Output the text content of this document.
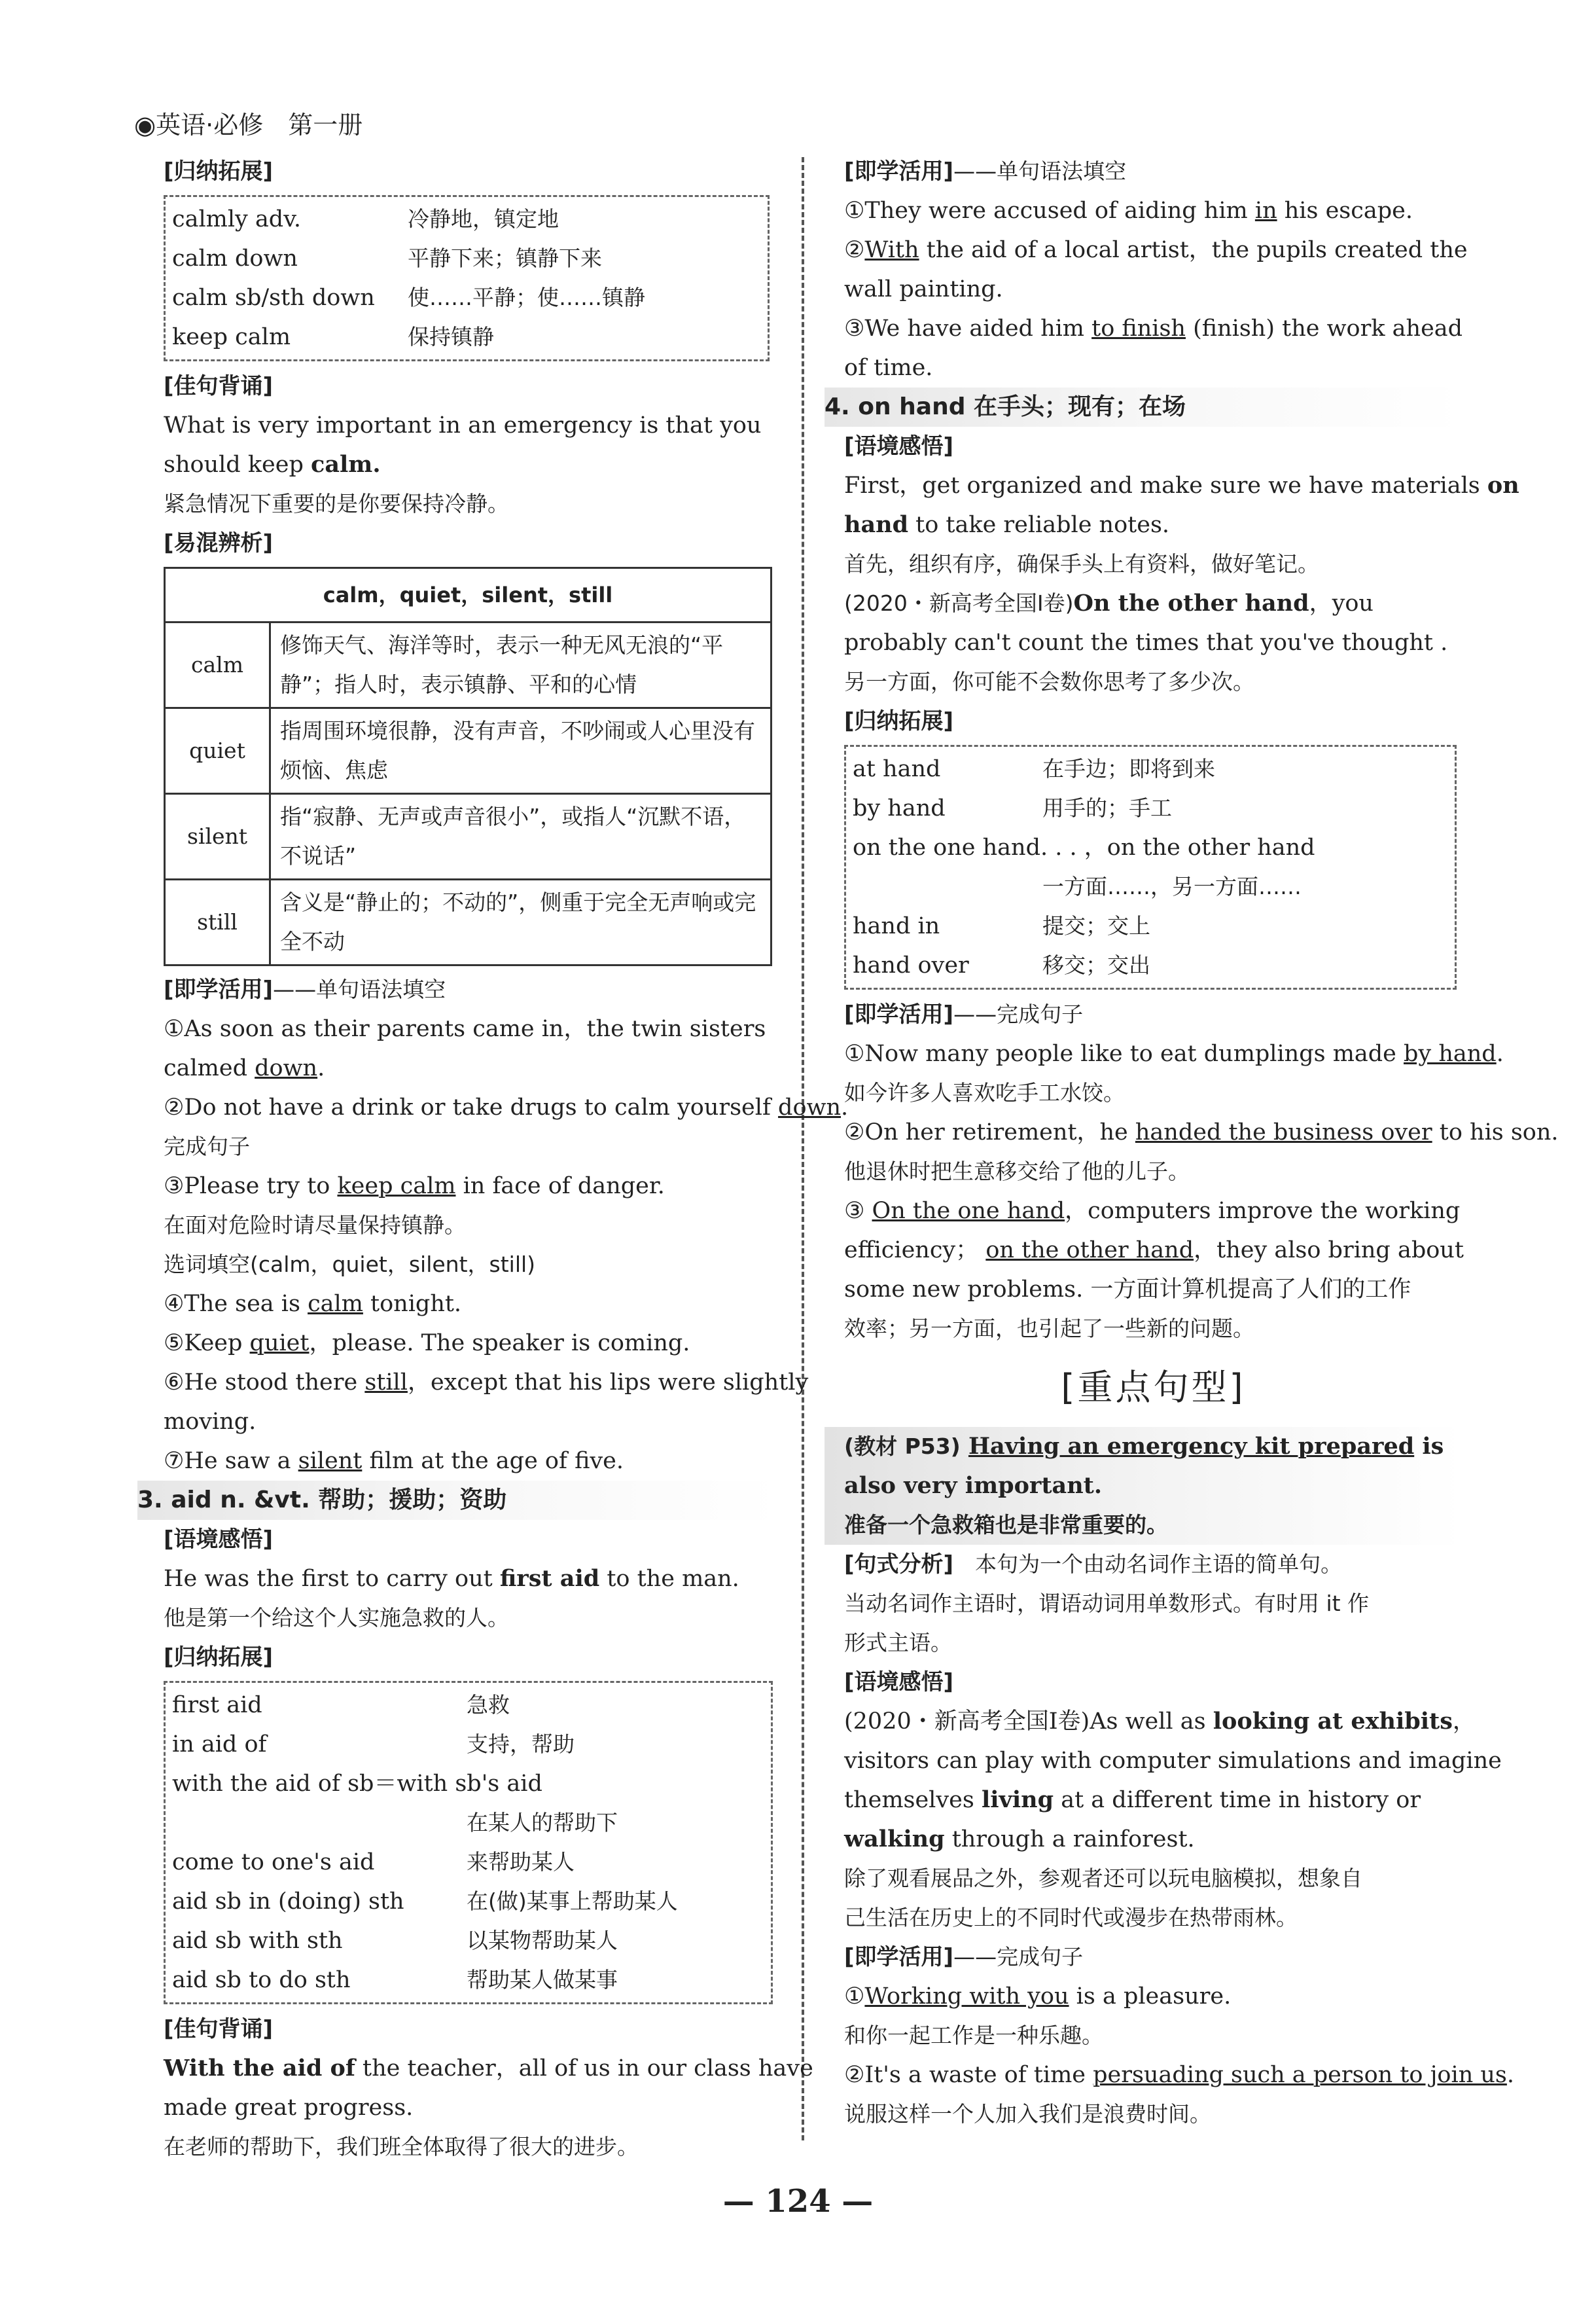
◉英语·必修　第一册
[归纳拓展]
calmly adv.	冷静地，镇定地
calm down	平静下来；镇静下来
calm sb/sth down	使……平静；使……镇静
keep calm	保持镇静
[佳句背诵]
What is very important in an emergency is that you
should keep calm.
紧急情况下重要的是你要保持冷静。
[易混辨析]
calm，quiet，silent，still	
calm	修饰天气、海洋等时，表示一种无风无浪的“平静”；指人时，表示镇静、平和的心情
quiet	指周围环境很静，没有声音，不吵闹或人心里没有烦恼、焦虑
silent	指“寂静、无声或声音很小”，或指人“沉默不语，不说话”
still	含义是“静止的；不动的”，侧重于完全无声响或完全不动
[即学活用]——单句语法填空
①As soon as their parents came in，the twin sisters
calmed down.
②Do not have a drink or take drugs to calm yourself down.
完成句子
③Please try to keep calm in face of danger.
在面对危险时请尽量保持镇静。
选词填空(calm，quiet，silent，still)
④The sea is calm tonight.
⑤Keep quiet，please. The speaker is coming.
⑥He stood there still，except that his lips were slightly
moving.
⑦He saw a silent film at the age of five.
3. aid n. &vt. 帮助；援助；资助
[语境感悟]
He was the first to carry out first aid to the man.
他是第一个给这个人实施急救的人。
[归纳拓展]
first aid	急救
in aid of	支持，帮助
with the aid of sb＝with sb's aid
在某人的帮助下
come to one's aid	来帮助某人
aid sb in (doing) sth	在(做)某事上帮助某人
aid sb with sth	以某物帮助某人
aid sb to do sth	帮助某人做某事
[佳句背诵]
With the aid of the teacher，all of us in our class have
made great progress.
在老师的帮助下，我们班全体取得了很大的进步。
[即学活用]——单句语法填空
①They were accused of aiding him in his escape.
②With the aid of a local artist，the pupils created the
wall painting.
③We have aided him to finish (finish) the work ahead
of time.
4. on hand 在手头；现有；在场
[语境感悟]
First，get organized and make sure we have materials on
hand to take reliable notes.
首先，组织有序，确保手头上有资料，做好笔记。
(2020・新高考全国Ⅰ卷)On the other hand，you
probably can't count the times that you've thought .
另一方面，你可能不会数你思考了多少次。
[归纳拓展]
at hand	在手边；即将到来
by hand	用手的；手工
on the one hand. . . ，on the other hand
一方面……，另一方面……
hand in	提交；交上
hand over	移交；交出
[即学活用]——完成句子
①Now many people like to eat dumplings made by hand.
如今许多人喜欢吃手工水饺。
②On her retirement，he handed the business over to his son.
他退休时把生意移交给了他的儿子。
③ On the one hand，computers improve the working
efficiency； on the other hand，they also bring about
some new problems. 一方面计算机提高了人们的工作
效率；另一方面，也引起了一些新的问题。
[重点句型]
(教材 P53) Having an emergency kit prepared is
also very important.
准备一个急救箱也是非常重要的。
[句式分析]　本句为一个由动名词作主语的简单句。
当动名词作主语时，谓语动词用单数形式。有时用 it 作
形式主语。
[语境感悟]
(2020・新高考全国Ⅰ卷)As well as looking at exhibits，
visitors can play with computer simulations and imagine
themselves living at a different time in history or
walking through a rainforest.
除了观看展品之外，参观者还可以玩电脑模拟，想象自
己生活在历史上的不同时代或漫步在热带雨林。
[即学活用]——完成句子
①Working with you is a pleasure.
和你一起工作是一种乐趣。
②It's a waste of time persuading such a person to join us.
说服这样一个人加入我们是浪费时间。
— 124 —
